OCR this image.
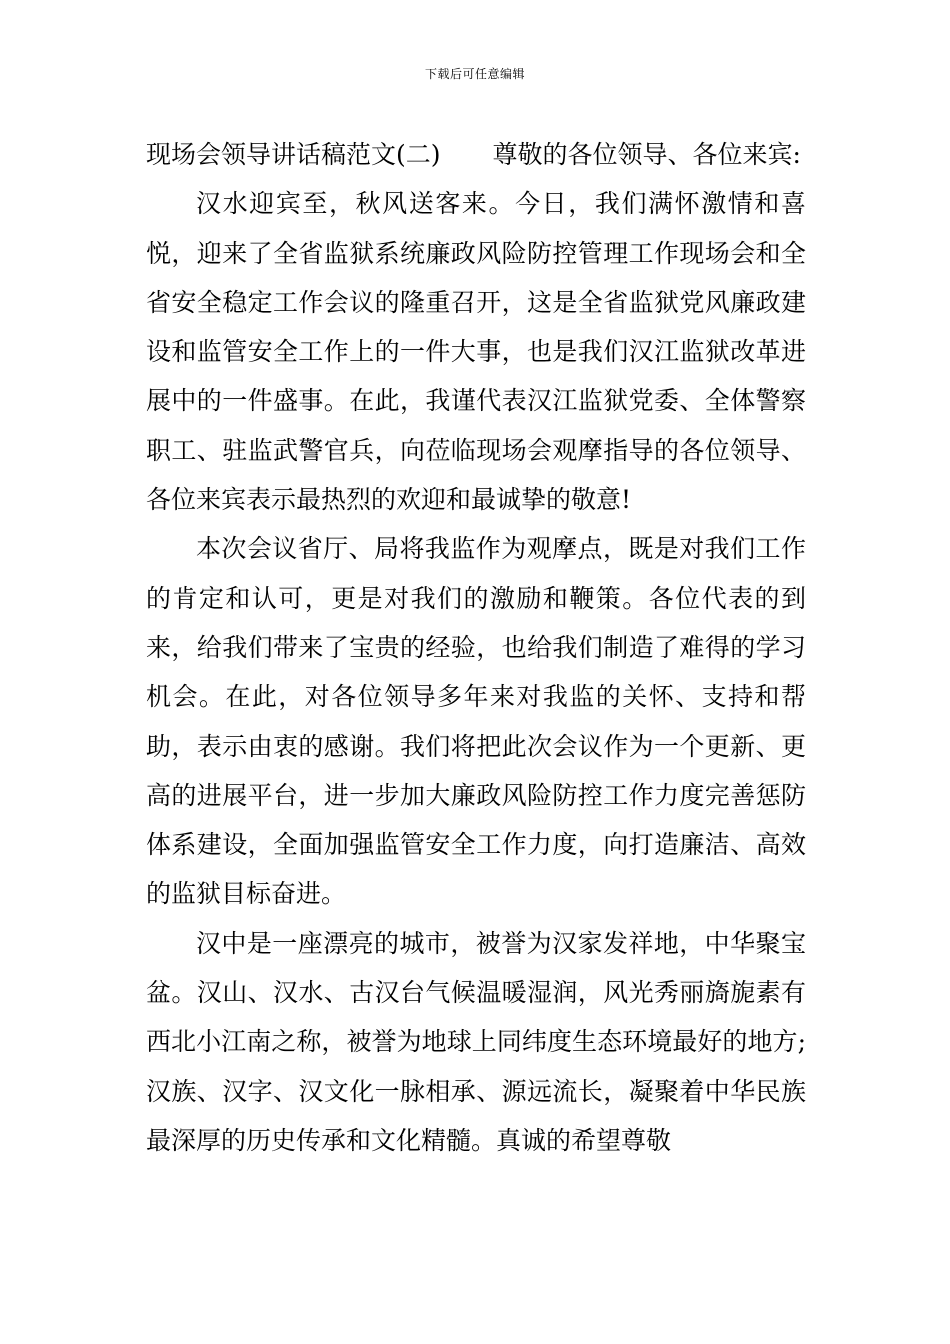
下载后可任意编辑

现场会领导讲话稿范文(二) 尊敬的各位领导、各位来宾:

汉水迎宾至，秋风送客来。今日，我们满怀激情和喜悦，迎来了全省监狱系统廉政风险防控管理工作现场会和全省安全稳定工作会议的隆重召开，这是全省监狱党风廉政建设和监管安全工作上的一件大事，也是我们汉江监狱改革进展中的一件盛事。在此，我谨代表汉江监狱党委、全体警察职工、驻监武警官兵，向莅临现场会观摩指导的各位领导、各位来宾表示最热烈的欢迎和最诚挚的敬意!

本次会议省厅、局将我监作为观摩点，既是对我们工作的肯定和认可，更是对我们的激励和鞭策。各位代表的到来，给我们带来了宝贵的经验，也给我们制造了难得的学习机会。在此，对各位领导多年来对我监的关怀、支持和帮助，表示由衷的感谢。我们将把此次会议作为一个更新、更高的进展平台，进一步加大廉政风险防控工作力度完善惩防体系建设，全面加强监管安全工作力度，向打造廉洁、高效的监狱目标奋进。

汉中是一座漂亮的城市，被誉为汉家发祥地，中华聚宝盆。汉山、汉水、古汉台气候温暖湿润，风光秀丽旖旎素有西北小江南之称，被誉为地球上同纬度生态环境最好的地方;汉族、汉字、汉文化一脉相承、源远流长，凝聚着中华民族最深厚的历史传承和文化精髓。真诚的希望尊敬
